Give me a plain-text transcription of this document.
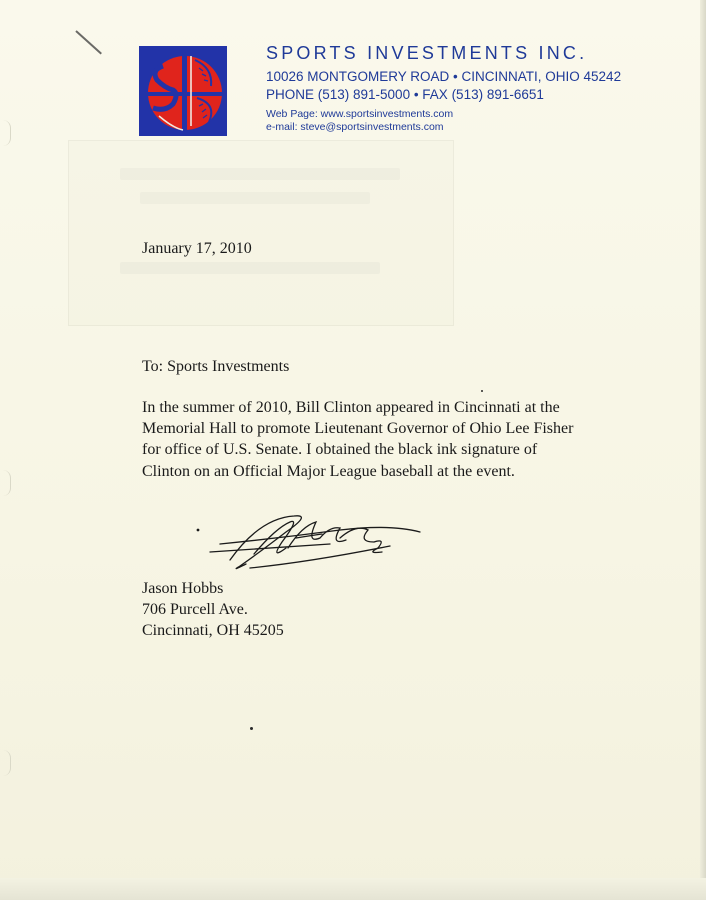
SPORTS INVESTMENTS INC.
10026 MONTGOMERY ROAD • CINCINNATI, OHIO 45242
PHONE (513) 891-5000 • FAX (513) 891-6651
Web Page: www.sportsinvestments.com
e-mail: steve@sportsinvestments.com
January 17, 2010
To: Sports Investments
In the summer of 2010, Bill Clinton appeared in Cincinnati at the
Memorial Hall to promote Lieutenant Governor of Ohio Lee Fisher
for office of U.S. Senate. I obtained the black ink signature of
Clinton on an Official Major League baseball at the event.
Jason Hobbs
706 Purcell Ave.
Cincinnati, OH 45205
